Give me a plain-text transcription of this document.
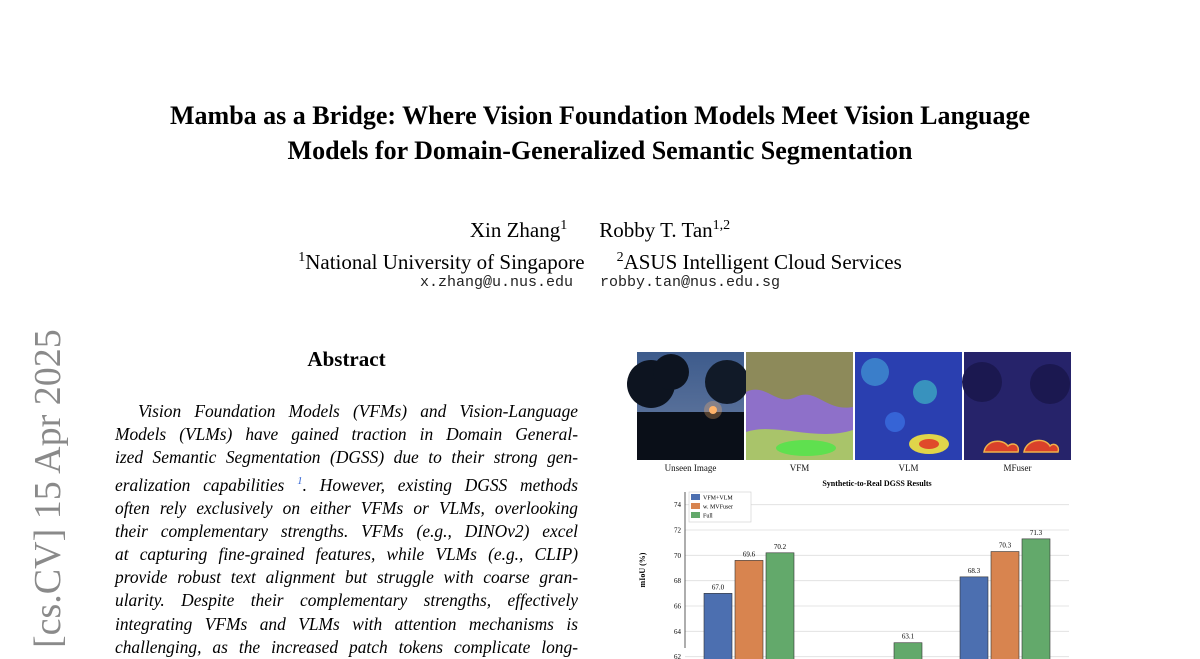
[cs.CV] 15 Apr 2025
Mamba as a Bridge: Where Vision Foundation Models Meet Vision Language
Models for Domain-Generalized Semantic Segmentation
Xin Zhang$^1$ Robby T. Tan$^{1,2}$
$^1$National University of Singapore $^2$ASUS Intelligent Cloud Services
x.zhang@u.nus.edu robby.tan@nus.edu.sg
Abstract
Vision Foundation Models (VFMs) and Vision-Language
Models (VLMs) have gained traction in Domain General-
ized Semantic Segmentation (DGSS) due to their strong gen-
eralization capabilities $^1$. However, existing DGSS methods
often rely exclusively on either VFMs or VLMs, overlooking
their complementary strengths. VFMs (e.g., DINOv2) excel
at capturing fine-grained features, while VLMs (e.g., CLIP)
provide robust text alignment but struggle with coarse gran-
ularity. Despite their complementary strengths, effectively
integrating VFMs and VLMs with attention mechanisms is
challenging, as the increased patch tokens complicate long-
Unseen Image	VFM	VLM	MFuser
Synthetic-to-Real DGSS Results
mIoU (%)
62
64
66
68
70
72
74
67.0
68.3
69.6
70.3
70.2
63.1
71.3
VFM+VLM
w. MVFuser
Full
